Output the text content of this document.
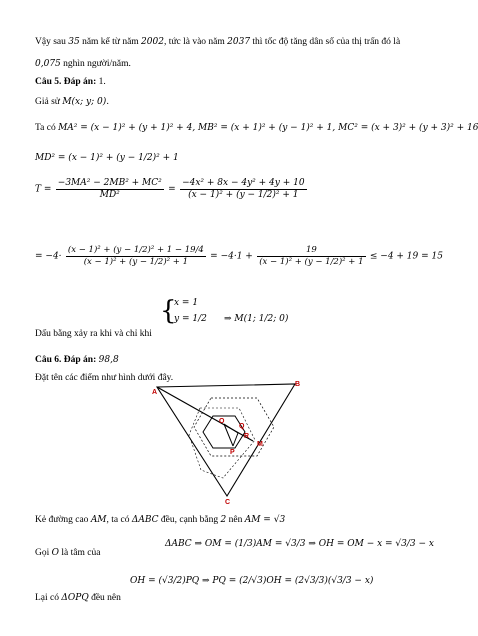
Vậy sau 35 năm kể từ năm 2002, tức là vào năm 2037 thì tốc độ tăng dân số của thị trấn đó là
0,075 nghìn người/năm.
Câu 5. Đáp án: 1.
Giả sử M(x; y; 0).
Ta có MA² = (x − 1)² + (y + 1)² + 4, MB² = (x + 1)² + (y − 1)² + 1, MC² = (x + 3)² + (y + 3)² + 16
MD² = (x − 1)² + (y − 1/2)² + 1
$T = \frac{\text{−3MA² − 2MB² + MC²}}{\text{MD²}} = \frac{\text{−4x² + 8x − 4y² + 4y + 10}}{\text{(x − 1)² + (y − 1/2)² + 1}}$
= $-4\cdot \frac{\text{(x − 1)² + (y − 1/2)² + 1 − 19/4}}{\text{(x − 1)² + (y − 1/2)² + 1}} = -4\cdot 1 + \frac{19}{\text{(x − 1)² + (y − 1/2)² + 1}} \le -4 + 19 = 15$
Dấu bằng xảy ra khi và chỉ khi
{
x = 1
y = 1/2 ⇒ M(1; 1/2; 0)
Câu 6. Đáp án: 98,8
Đặt tên các điểm như hình dưới đây.
A
B
C
O
Q
R
M
P
Kẻ đường cao AM, ta có ΔABC đều, cạnh bằng 2 nên AM = √3
Gọi O là tâm của
ΔABC ⇒ OM = (1/3)AM = √3/3 ⇒ OH = OM − x = √3/3 − x
Lại có ΔOPQ đều nên
OH = (√3/2)PQ ⇒ PQ = (2/√3)OH = (2√3/3)(√3/3 − x)
